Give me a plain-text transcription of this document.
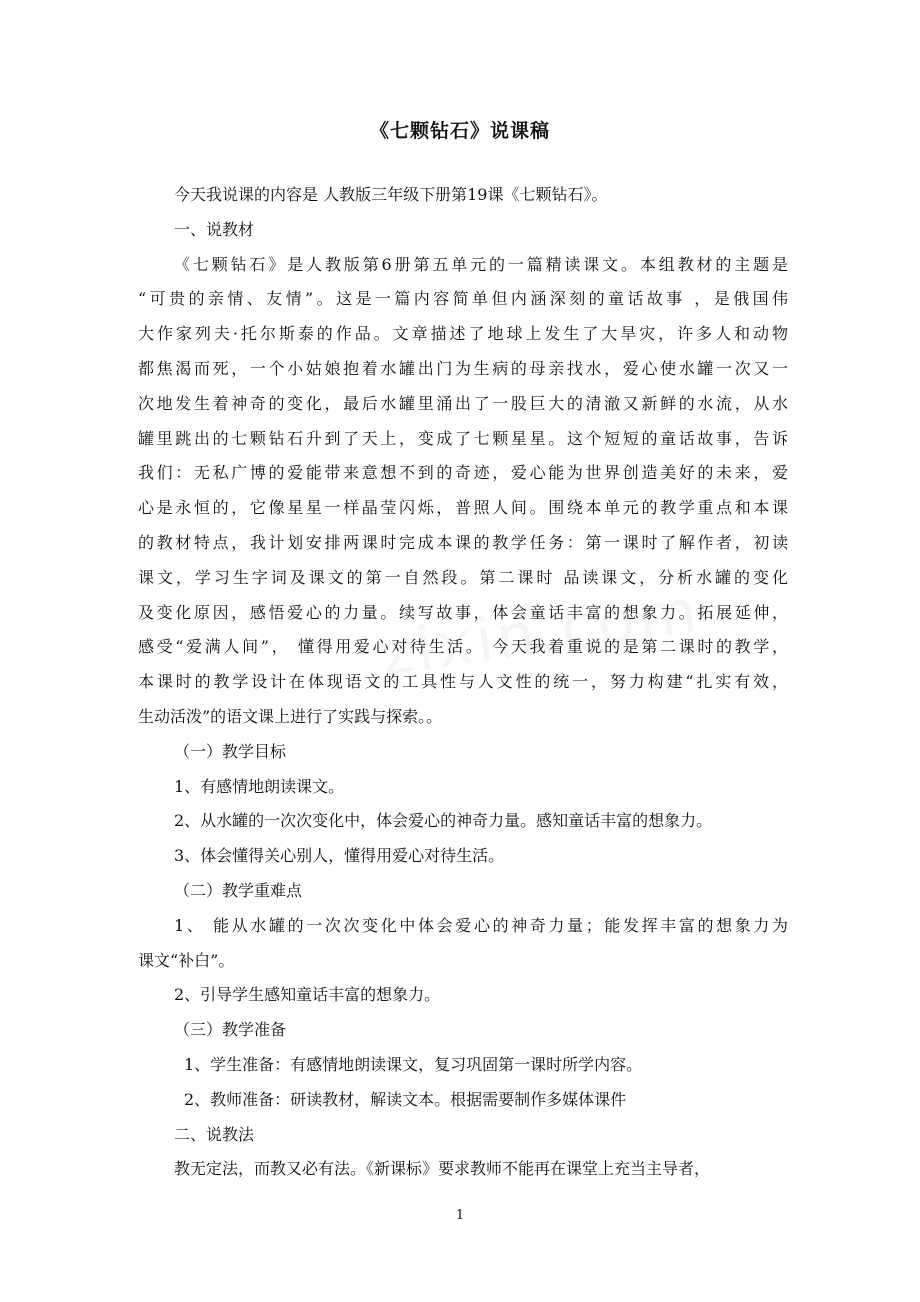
《七颗钻石》说课稿
今天我说课的内容是 人教版三年级下册第19课《七颗钻石》。
一、说教材
《七颗钻石》是人教版第6册第五单元的一篇精读课文。本组教材的主题是
“可贵的亲情、友情”。这是一篇内容简单但内涵深刻的童话故事 ，是俄国伟
大作家列夫·托尔斯泰的作品。文章描述了地球上发生了大旱灾，许多人和动物
都焦渴而死，一个小姑娘抱着水罐出门为生病的母亲找水，爱心使水罐一次又一
次地发生着神奇的变化，最后水罐里涌出了一股巨大的清澈又新鲜的水流，从水
罐里跳出的七颗钻石升到了天上，变成了七颗星星。这个短短的童话故事，告诉
我们：无私广博的爱能带来意想不到的奇迹，爱心能为世界创造美好的未来，爱
心是永恒的，它像星星一样晶莹闪烁，普照人间。围绕本单元的教学重点和本课
的教材特点，我计划安排两课时完成本课的教学任务：第一课时了解作者，初读
课文，学习生字词及课文的第一自然段。第二课时 品读课文，分析水罐的变化
及变化原因，感悟爱心的力量。续写故事，体会童话丰富的想象力。拓展延伸，
感受“爱满人间”， 懂得用爱心对待生活。 今天我着重说的是第二课时的教学，
本课时的教学设计在体现语文的工具性与人文性的统一，努力构建“扎实有效，
生动活泼”的语文课上进行了实践与探索。。
（一）教学目标
1、有感情地朗读课文。
2、从水罐的一次次变化中，体会爱心的神奇力量。感知童话丰富的想象力。
3、体会懂得关心别人，懂得用爱心对待生活。
（二）教学重难点
1、 能从水罐的一次次变化中体会爱心的神奇力量；能发挥丰富的想象力为
课文“补白”。
2、引导学生感知童话丰富的想象力。
（三）教学准备
1、学生准备：有感情地朗读课文，复习巩固第一课时所学内容。
2、教师准备：研读教材，解读文本。根据需要制作多媒体课件
二、说教法
教无定法，而教又必有法。《新课标》要求教师不能再在课堂上充当主导者，
1
